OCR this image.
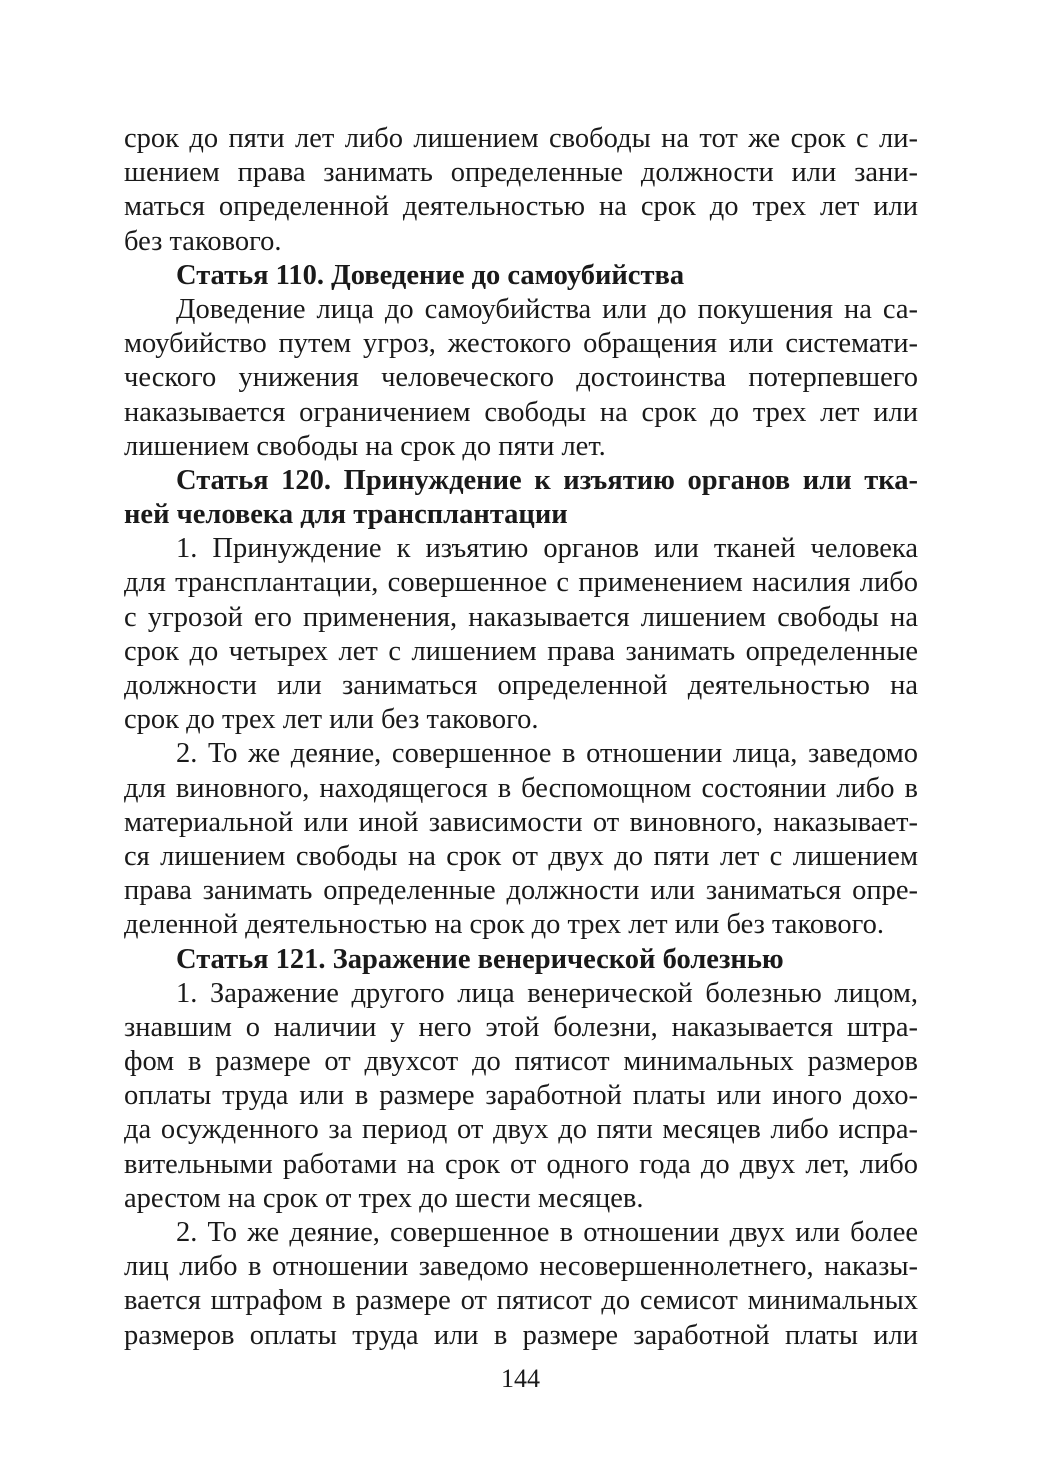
срок до пяти лет либо лишением свободы на тот же срок с ли-
шением права занимать определенные должности или зани-
маться определенной деятельностью на срок до трех лет или
без такового.
Статья 110. Доведение до самоубийства
Доведение лица до самоубийства или до покушения на са-
моубийство путем угроз, жестокого обращения или системати-
ческого унижения человеческого достоинства потерпевшего
наказывается ограничением свободы на срок до трех лет или
лишением свободы на срок до пяти лет.
Статья 120. Принуждение к изъятию органов или тка-
ней человека для трансплантации
1. Принуждение к изъятию органов или тканей человека
для трансплантации, совершенное с применением насилия либо
с угрозой его применения, наказывается лишением свободы на
срок до четырех лет с лишением права занимать определенные
должности или заниматься определенной деятельностью на
срок до трех лет или без такового.
2. То же деяние, совершенное в отношении лица, заведомо
для виновного, находящегося в беспомощном состоянии либо в
материальной или иной зависимости от виновного, наказывает-
ся лишением свободы на срок от двух до пяти лет с лишением
права занимать определенные должности или заниматься опре-
деленной деятельностью на срок до трех лет или без такового.
Статья 121. Заражение венерической болезнью
1. Заражение другого лица венерической болезнью лицом,
знавшим о наличии у него этой болезни, наказывается штра-
фом в размере от двухсот до пятисот минимальных размеров
оплаты труда или в размере заработной платы или иного дохо-
да осужденного за период от двух до пяти месяцев либо испра-
вительными работами на срок от одного года до двух лет, либо
арестом на срок от трех до шести месяцев.
2. То же деяние, совершенное в отношении двух или более
лиц либо в отношении заведомо несовершеннолетнего, наказы-
вается штрафом в размере от пятисот до семисот минимальных
размеров оплаты труда или в размере заработной платы или
144
